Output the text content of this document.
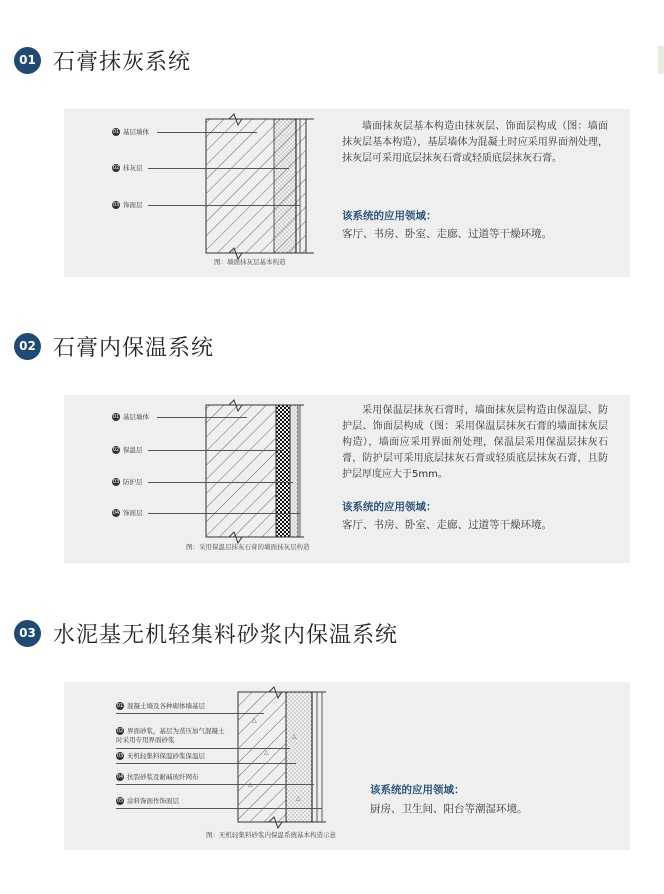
01 石膏抹灰系统
01 基层墙体
02 抹灰层
03 饰面层
图：墙面抹灰层基本构造
墙面抹灰层基本构造由抹灰层、饰面层构成（图：墙面抹灰层基本构造），基层墙体为混凝土时应采用界面剂处理，抹灰层可采用底层抹灰石膏或轻质底层抹灰石膏。
该系统的应用领域：
客厅、书房、卧室、走廊、过道等干燥环境。
02 石膏内保温系统
01 基层墙体
02 保温层
03 防护层
04 饰面层
图：采用保温层抹灰石膏的墙面抹灰层构造
采用保温层抹灰石膏时，墙面抹灰层构造由保温层、防护层、饰面层构成（图：采用保温层抹灰石膏的墙面抹灰层构造），墙面应采用界面剂处理，保温层采用保温层抹灰石膏，防护层可采用底层抹灰石膏或轻质底层抹灰石膏，且防护层厚度应大于5mm。
该系统的应用领域：
客厅、书房、卧室、走廊、过道等干燥环境。
03 水泥基无机轻集料砂浆内保温系统
△
△
△
△
△
01 混凝土墙及各种砌体墙基层
02 界面砂浆，基层为蒸压加气混凝土时采用专用界面砂浆
03 无机轻集料保温砂浆保温层
04 抗裂砂浆及耐碱玻纤网布
05 涂料饰面作饰面层
图：无机轻集料砂浆内保温系统基本构造示意
该系统的应用领域：
厨房、卫生间、阳台等潮湿环境。
